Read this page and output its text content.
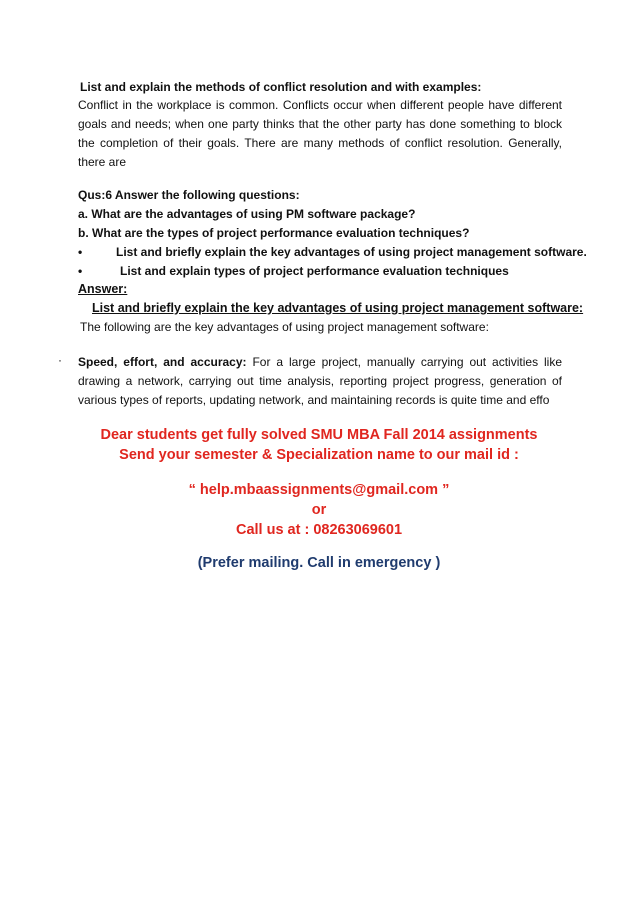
List and explain the methods of conflict resolution and with examples:

Conflict in the workplace is common. Conflicts occur when different people have different goals and needs; when one party thinks that the other party has done something to block the completion of their goals. There are many methods of conflict resolution. Generally, there are

Qus:6 Answer the following questions:
a. What are the advantages of using PM software package?
b. What are the types of project performance evaluation techniques?
•	List and briefly explain the key advantages of using project management software.
•	List and explain types of project performance evaluation techniques
Answer:
List and briefly explain the key advantages of using project management software:
The following are the key advantages of using project management software:
· Speed, effort, and accuracy: For a large project, manually carrying out activities like drawing a network, carrying out time analysis, reporting project progress, generation of various types of reports, updating network, and maintaining records is quite time and effo
Dear students get fully solved SMU MBA Fall 2014 assignments
Send your semester & Specialization name to our mail id :
“ help.mbaassignments@gmail.com ”
or
Call us at : 08263069601
(Prefer mailing. Call in emergency )
